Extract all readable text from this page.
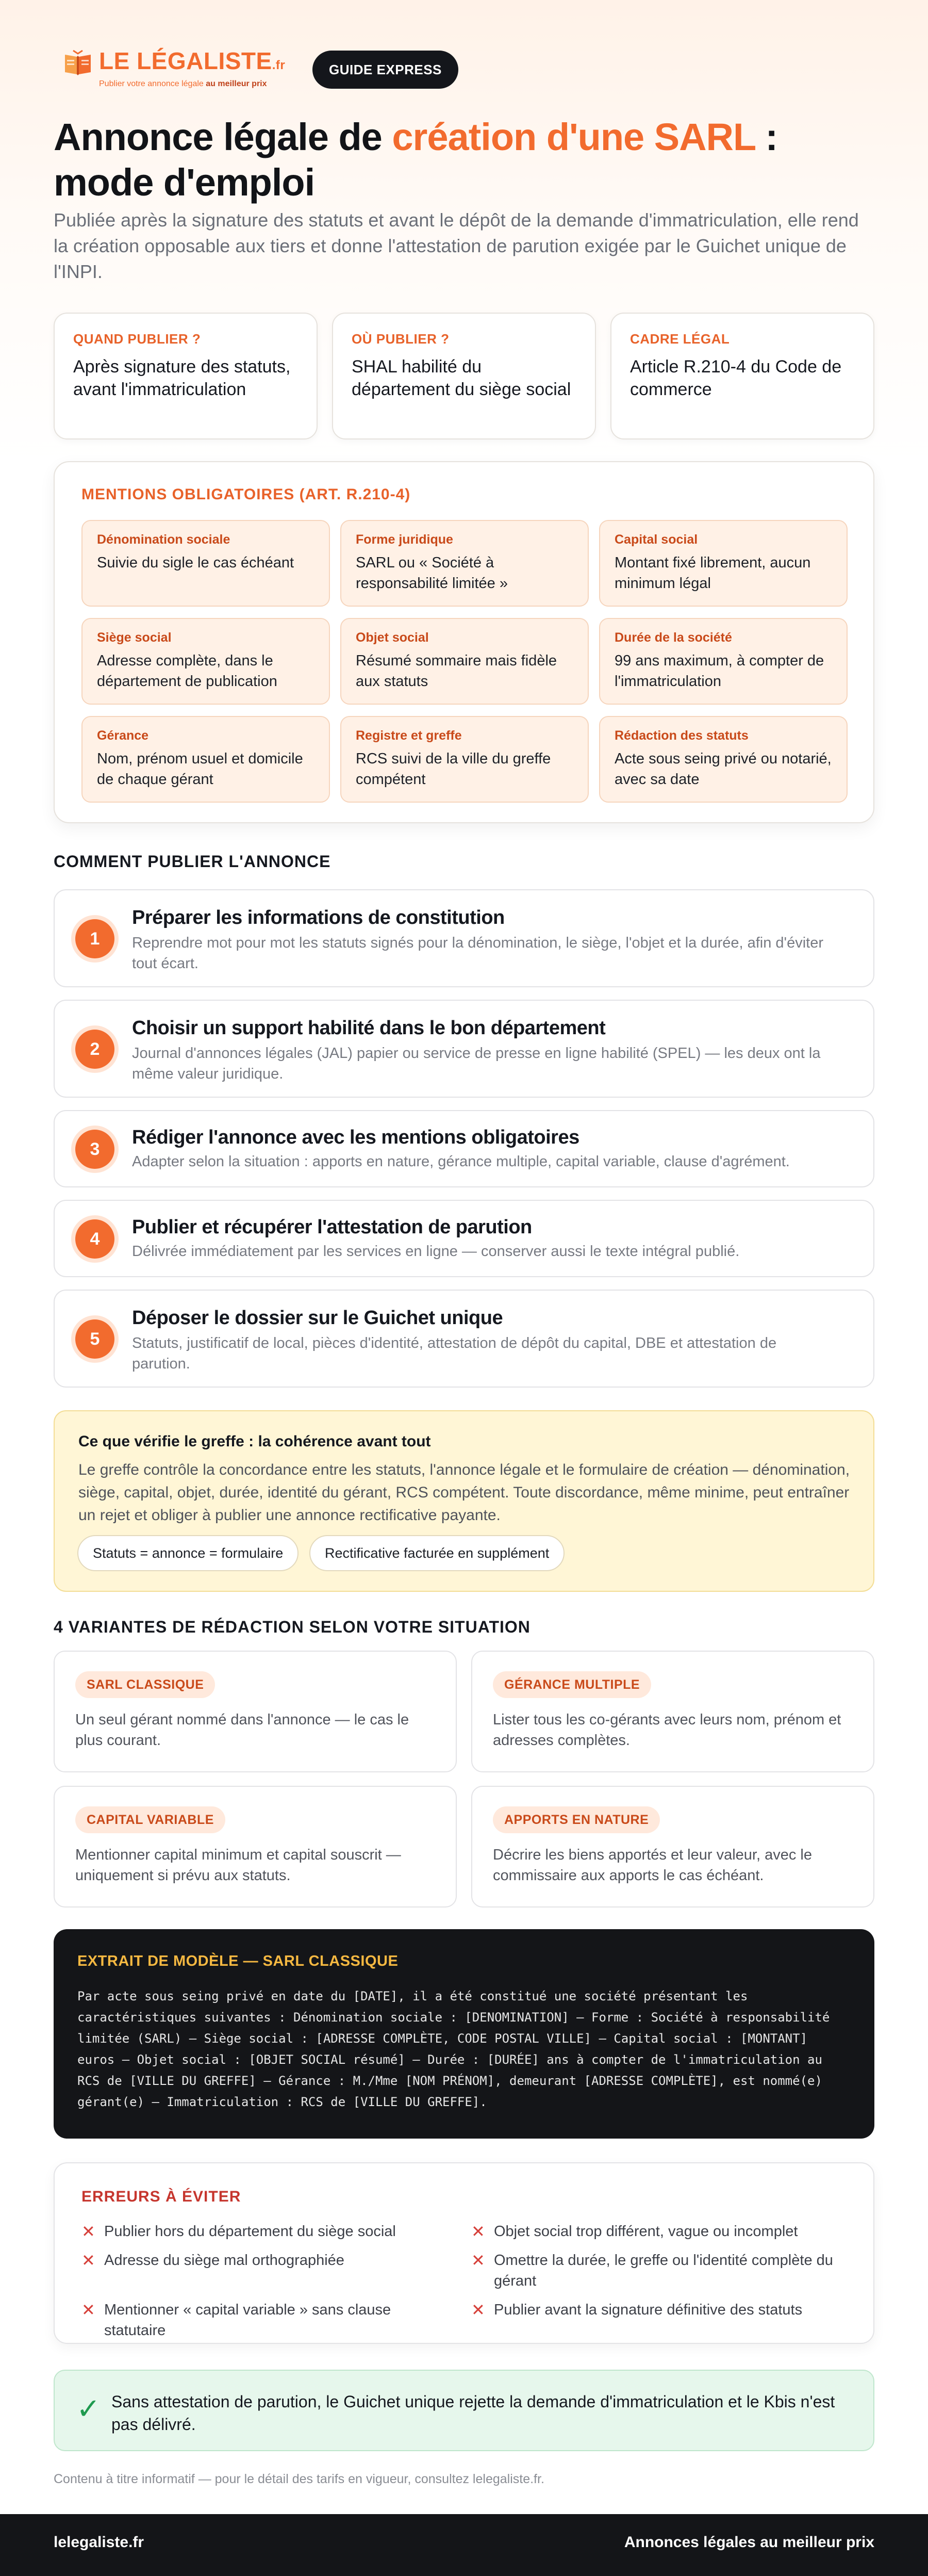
LE LÉGALISTE.fr
Publier votre annonce légale au meilleur prix
GUIDE EXPRESS
Annonce légale de création d'une SARL : mode d'emploi

Publiée après la signature des statuts et avant le dépôt de la demande d'immatriculation, elle rend la création opposable aux tiers et donne l'attestation de parution exigée par le Guichet unique de l'INPI.

QUAND PUBLIER ?
Après signature des statuts, avant l'immatriculation
OÙ PUBLIER ?
SHAL habilité du département du siège social
CADRE LÉGAL
Article R.210-4 du Code de commerce
MENTIONS OBLIGATOIRES (ART. R.210-4)
Dénomination sociale
Suivie du sigle le cas échéant
Forme juridique
SARL ou « Société à responsabilité limitée »
Capital social
Montant fixé librement, aucun minimum légal
Siège social
Adresse complète, dans le département de publication
Objet social
Résumé sommaire mais fidèle aux statuts
Durée de la société
99 ans maximum, à compter de l'immatriculation
Gérance
Nom, prénom usuel et domicile de chaque gérant
Registre et greffe
RCS suivi de la ville du greffe compétent
Rédaction des statuts
Acte sous seing privé ou notarié, avec sa date
COMMENT PUBLIER L'ANNONCE
1
Préparer les informations de constitution
Reprendre mot pour mot les statuts signés pour la dénomination, le siège, l'objet et la durée, afin d'éviter tout écart.
2
Choisir un support habilité dans le bon département
Journal d'annonces légales (JAL) papier ou service de presse en ligne habilité (SPEL) — les deux ont la même valeur juridique.
3
Rédiger l'annonce avec les mentions obligatoires
Adapter selon la situation : apports en nature, gérance multiple, capital variable, clause d'agrément.
4
Publier et récupérer l'attestation de parution
Délivrée immédiatement par les services en ligne — conserver aussi le texte intégral publié.
5
Déposer le dossier sur le Guichet unique
Statuts, justificatif de local, pièces d'identité, attestation de dépôt du capital, DBE et attestation de parution.
Ce que vérifie le greffe : la cohérence avant tout
Le greffe contrôle la concordance entre les statuts, l'annonce légale et le formulaire de création — dénomination, siège, capital, objet, durée, identité du gérant, RCS compétent. Toute discordance, même minime, peut entraîner un rejet et obliger à publier une annonce rectificative payante.
Statuts = annonce = formulaire	Rectificative facturée en supplément
4 VARIANTES DE RÉDACTION SELON VOTRE SITUATION
SARL CLASSIQUE
Un seul gérant nommé dans l'annonce — le cas le plus courant.
GÉRANCE MULTIPLE
Lister tous les co-gérants avec leurs nom, prénom et adresses complètes.
CAPITAL VARIABLE
Mentionner capital minimum et capital souscrit — uniquement si prévu aux statuts.
APPORTS EN NATURE
Décrire les biens apportés et leur valeur, avec le commissaire aux apports le cas échéant.
EXTRAIT DE MODÈLE — SARL CLASSIQUE
Par acte sous seing privé en date du [DATE], il a été constitué une société présentant les caractéristiques suivantes : Dénomination sociale : [DENOMINATION] — Forme : Société à responsabilité limitée (SARL) — Siège social : [ADRESSE COMPLÈTE, CODE POSTAL VILLE] — Capital social : [MONTANT] euros — Objet social : [OBJET SOCIAL résumé] — Durée : [DURÉE] ans à compter de l'immatriculation au RCS de [VILLE DU GREFFE] — Gérance : M./Mme [NOM PRÉNOM], demeurant [ADRESSE COMPLÈTE], est nommé(e) gérant(e) — Immatriculation : RCS de [VILLE DU GREFFE].
ERREURS À ÉVITER
✕ Publier hors du département du siège social	✕ Objet social trop différent, vague ou incomplet
✕ Adresse du siège mal orthographiée	✕ Omettre la durée, le greffe ou l'identité complète du gérant
✕ Mentionner « capital variable » sans clause statutaire
✕ Publier avant la signature définitive des statuts
✓ Sans attestation de parution, le Guichet unique rejette la demande d'immatriculation et le Kbis n'est pas délivré.
Contenu à titre informatif — pour le détail des tarifs en vigueur, consultez lelegaliste.fr.
lelegaliste.fr	Annonces légales au meilleur prix
